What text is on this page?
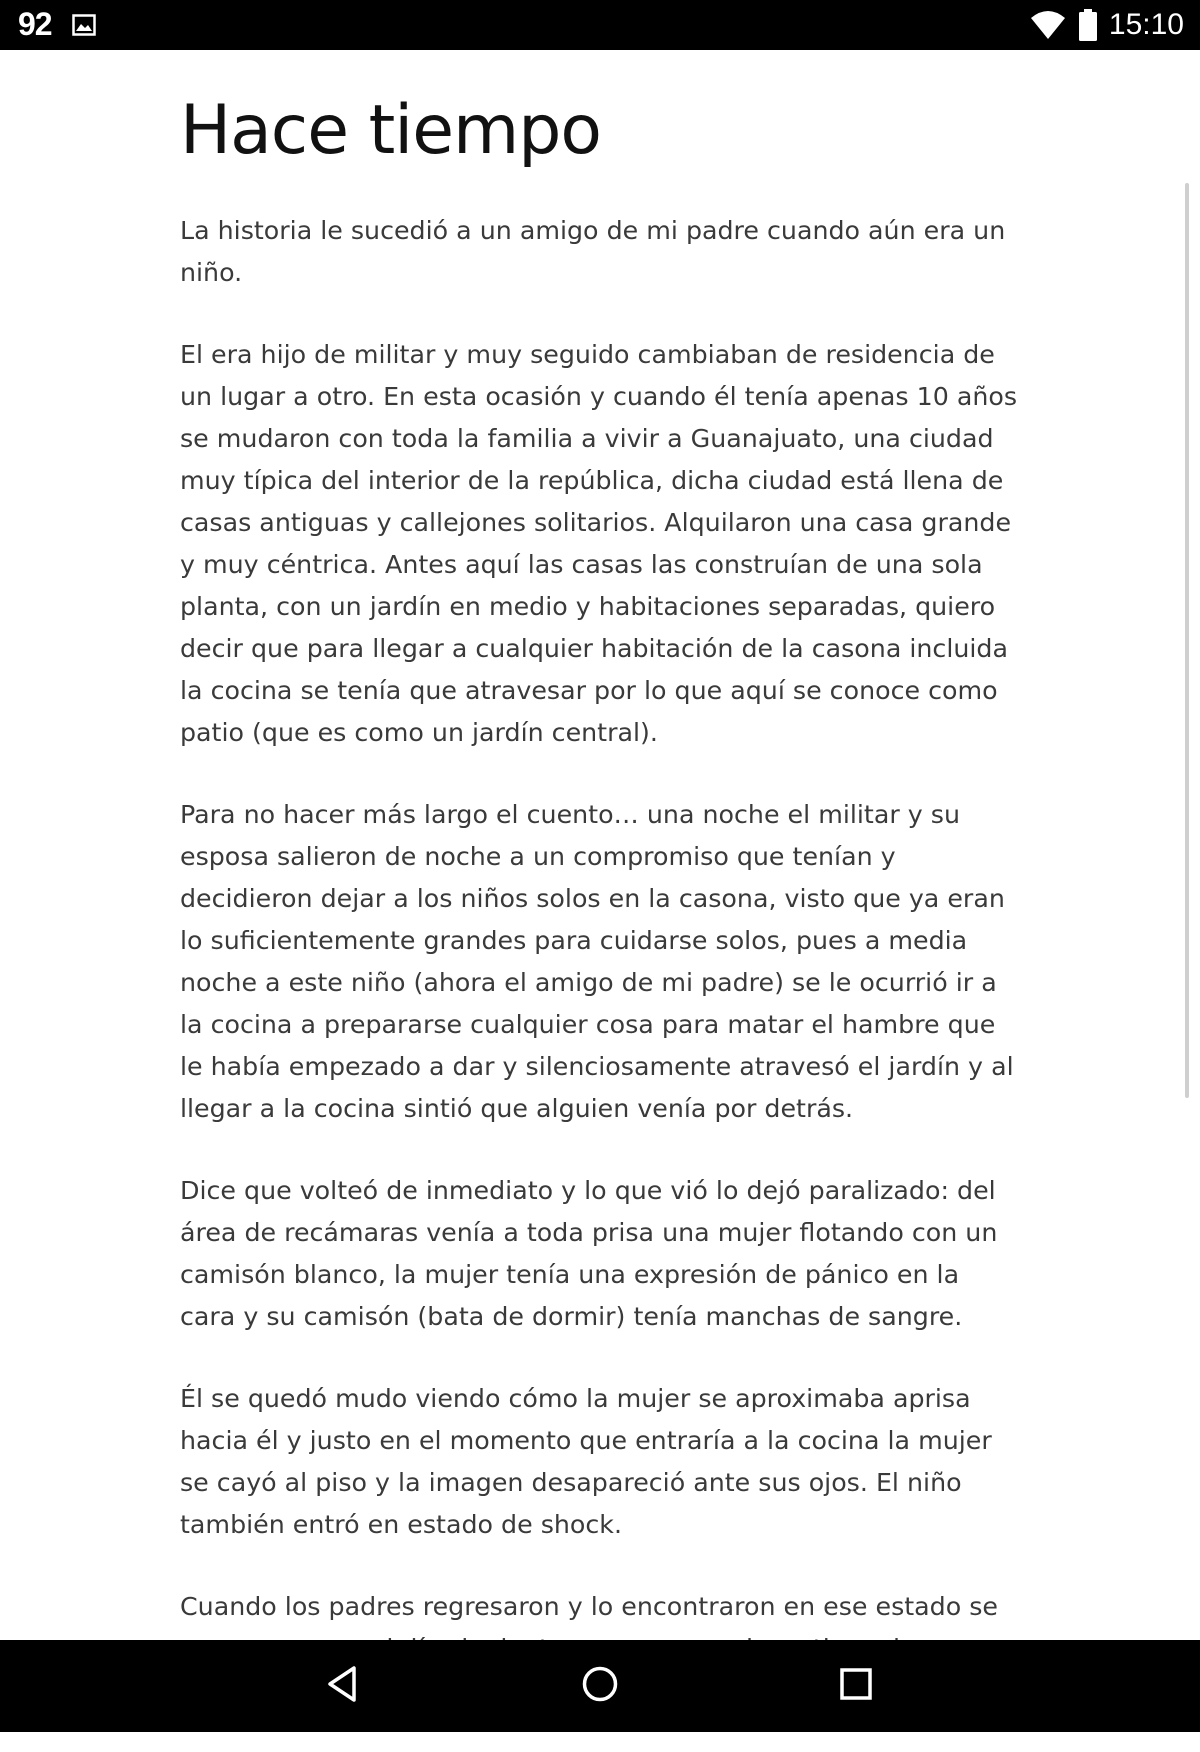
92	15:10
Hace tiempo

La historia le sucedió a un amigo de mi padre cuando aún era un niño.

El era hijo de militar y muy seguido cambiaban de residencia de un lugar a otro. En esta ocasión y cuando él tenía apenas 10 años se mudaron con toda la familia a vivir a Guanajuato, una ciudad muy típica del interior de la república, dicha ciudad está llena de casas antiguas y callejones solitarios. Alquilaron una casa grande y muy céntrica. Antes aquí las casas las construían de una sola planta, con un jardín en medio y habitaciones separadas, quiero decir que para llegar a cualquier habitación de la casona incluida la cocina se tenía que atravesar por lo que aquí se conoce como patio (que es como un jardín central).

Para no hacer más largo el cuento… una noche el militar y su esposa salieron de noche a un compromiso que tenían y decidieron dejar a los niños solos en la casona, visto que ya eran lo suficientemente grandes para cuidarse solos, pues a media noche a este niño (ahora el amigo de mi padre) se le ocurrió ir a la cocina a prepararse cualquier cosa para matar el hambre que le había empezado a dar y silenciosamente atravesó el jardín y al llegar a la cocina sintió que alguien venía por detrás.

Dice que volteó de inmediato y lo que vió lo dejó paralizado: del área de recámaras venía a toda prisa una mujer flotando con un camisón blanco, la mujer tenía una expresión de pánico en la cara y su camisón (bata de dormir) tenía manchas de sangre.

Él se quedó mudo viendo cómo la mujer se aproximaba aprisa hacia él y justo en el momento que entraría a la cocina la mujer se cayó al piso y la imagen desapareció ante sus ojos. El niño también entró en estado de shock.

Cuando los padres regresaron y lo encontraron en ese estado se
